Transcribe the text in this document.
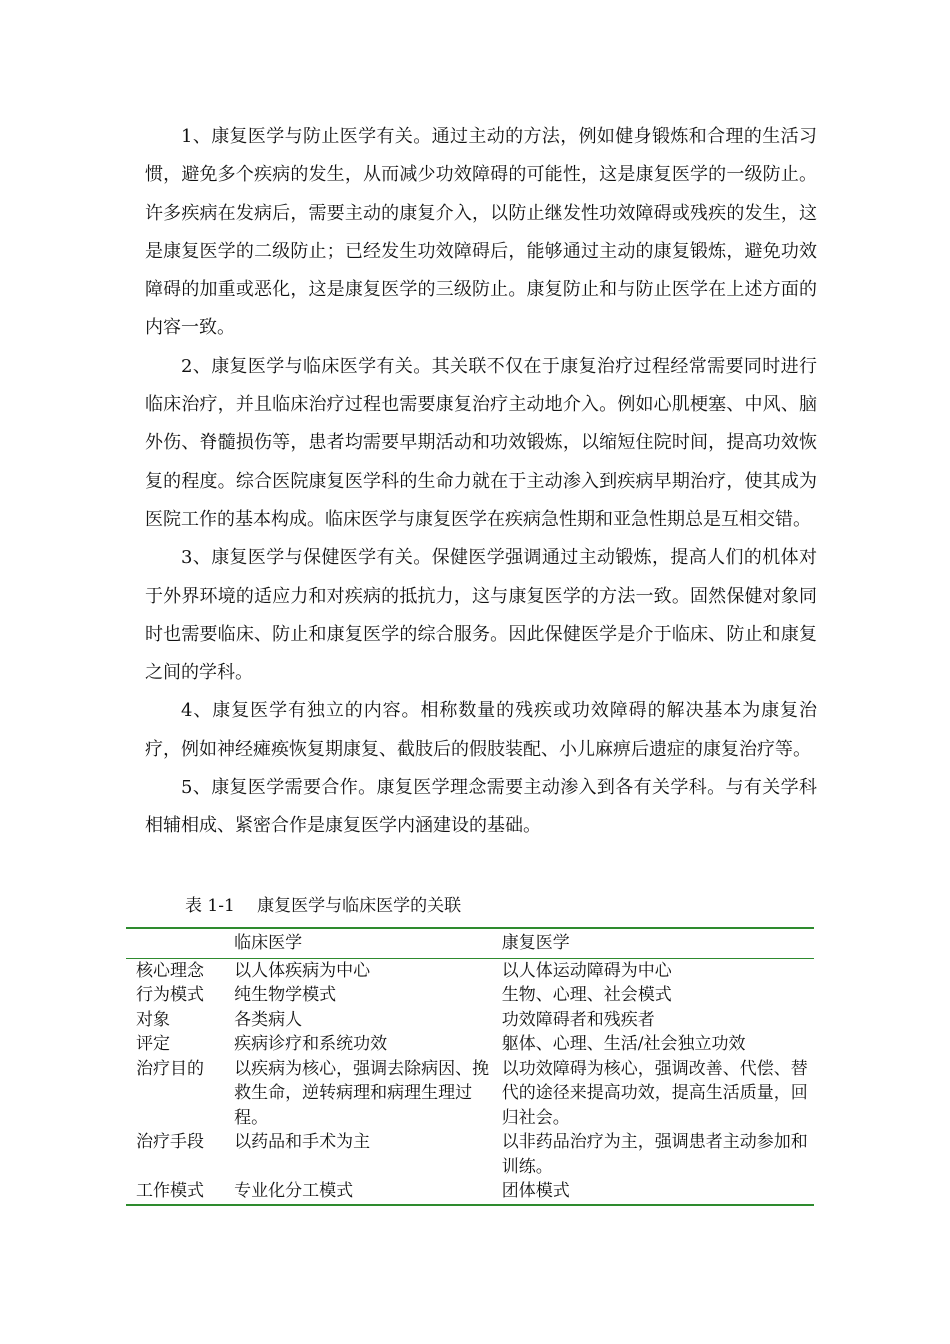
1、康复医学与防止医学有关。通过主动的方法，例如健身锻炼和合理的生活习惯，避免多个疾病的发生，从而减少功效障碍的可能性，这是康复医学的一级防止。许多疾病在发病后，需要主动的康复介入，以防止继发性功效障碍或残疾的发生，这是康复医学的二级防止；已经发生功效障碍后，能够通过主动的康复锻炼，避免功效障碍的加重或恶化，这是康复医学的三级防止。康复防止和与防止医学在上述方面的内容一致。

2、康复医学与临床医学有关。其关联不仅在于康复治疗过程经常需要同时进行临床治疗，并且临床治疗过程也需要康复治疗主动地介入。例如心肌梗塞、中风、脑外伤、脊髓损伤等，患者均需要早期活动和功效锻炼，以缩短住院时间，提高功效恢复的程度。综合医院康复医学科的生命力就在于主动渗入到疾病早期治疗，使其成为医院工作的基本构成。临床医学与康复医学在疾病急性期和亚急性期总是互相交错。

3、康复医学与保健医学有关。保健医学强调通过主动锻炼，提高人们的机体对于外界环境的适应力和对疾病的抵抗力，这与康复医学的方法一致。固然保健对象同时也需要临床、防止和康复医学的综合服务。因此保健医学是介于临床、防止和康复之间的学科。

4、康复医学有独立的内容。相称数量的残疾或功效障碍的解决基本为康复治疗，例如神经瘫痪恢复期康复、截肢后的假肢装配、小儿麻痹后遗症的康复治疗等。

5、康复医学需要合作。康复医学理念需要主动渗入到各有关学科。与有关学科相辅相成、紧密合作是康复医学内涵建设的基础。

表 1-1　 康复医学与临床医学的关联
	临床医学	康复医学
核心理念	以人体疾病为中心	以人体运动障碍为中心
行为模式	纯生物学模式	生物、心理、社会模式
对象	各类病人	功效障碍者和残疾者
评定	疾病诊疗和系统功效	躯体、心理、生活/社会独立功效
治疗目的	以疾病为核心，强调去除病因、挽救生命，逆转病理和病理生理过程。	以功效障碍为核心，强调改善、代偿、替代的途径来提高功效，提高生活质量，回归社会。
治疗手段	以药品和手术为主	以非药品治疗为主，强调患者主动参加和训练。
工作模式	专业化分工模式	团体模式
